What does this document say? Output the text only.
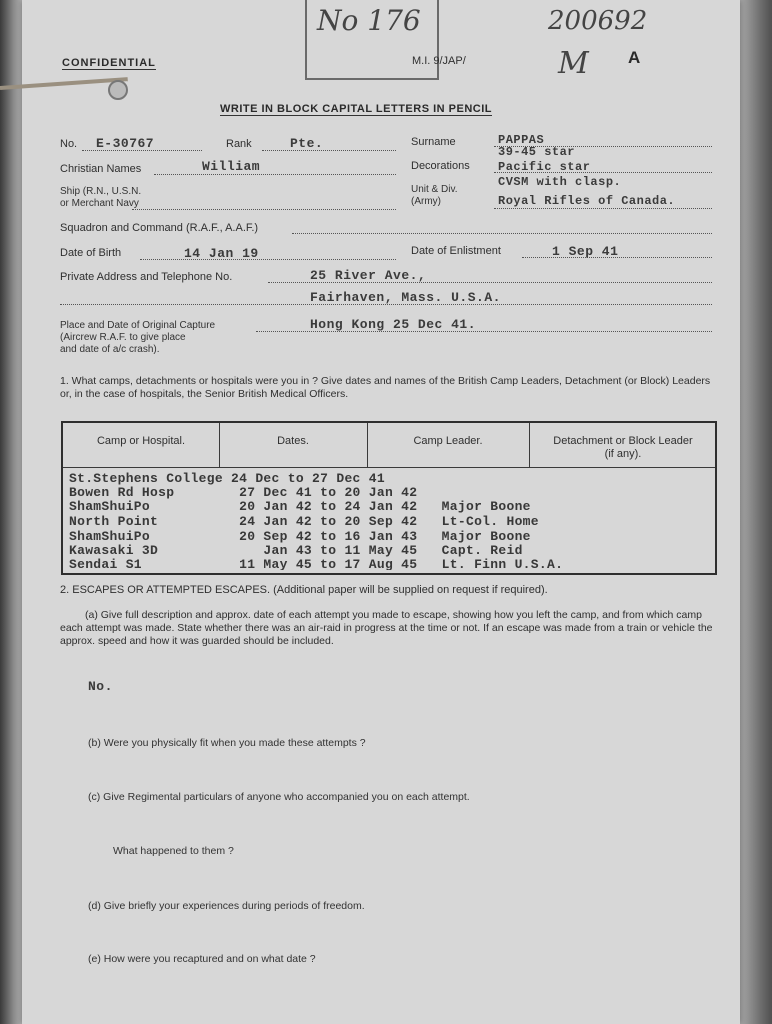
No 176
CONFIDENTIAL	M.I. 9/JAP/
200692
A
M
WRITE IN BLOCK CAPITAL LETTERS IN PENCIL
No. E-30767	Rank	Pte.	Surname	PAPPAS
Christian Names	William	Decorations
39-45 star
Pacific star
CVSM with clasp.
Ship (R.N., U.S.N.
or Merchant Navy
Unit & Div.
(Army)	Royal Rifles of Canada.
Squadron and Command (R.A.F., A.A.F.)
Date of Birth	14 Jan 19	Date of Enlistment	1 Sep 41
Private Address and Telephone No.	25 River Ave.,
Fairhaven, Mass. U.S.A.
Place and Date of Original Capture
(Aircrew R.A.F. to give place
and date of a/c crash).
Hong Kong 25 Dec 41.
1. What camps, detachments or hospitals were you in ? Give dates and names of the British Camp Leaders, Detachment (or Block) Leaders or, in the case of hospitals, the Senior British Medical Officers.
Camp or Hospital.	Dates.	Camp Leader.	Detachment or Block Leader (if any).
St.Stephens College 24 Dec to 27 Dec 41
Bowen Rd Hosp        27 Dec 41 to 20 Jan 42
ShamShuiPo           20 Jan 42 to 24 Jan 42   Major Boone
North Point          24 Jan 42 to 20 Sep 42   Lt-Col. Home
ShamShuiPo           20 Sep 42 to 16 Jan 43   Major Boone
Kawasaki 3D             Jan 43 to 11 May 45   Capt. Reid
Sendai S1            11 May 45 to 17 Aug 45   Lt. Finn U.S.A.
2. ESCAPES OR ATTEMPTED ESCAPES. (Additional paper will be supplied on request if required).
(a) Give full description and approx. date of each attempt you made to escape, showing how you left the camp, and from which camp each attempt was made. State whether there was an air-raid in progress at the time or not. If an escape was made from a train or vehicle the approx. speed and how it was guarded should be included.
No.
(b) Were you physically fit when you made these attempts ?
(c) Give Regimental particulars of anyone who accompanied you on each attempt.
What happened to them ?
(d) Give briefly your experiences during periods of freedom.
(e) How were you recaptured and on what date ?
